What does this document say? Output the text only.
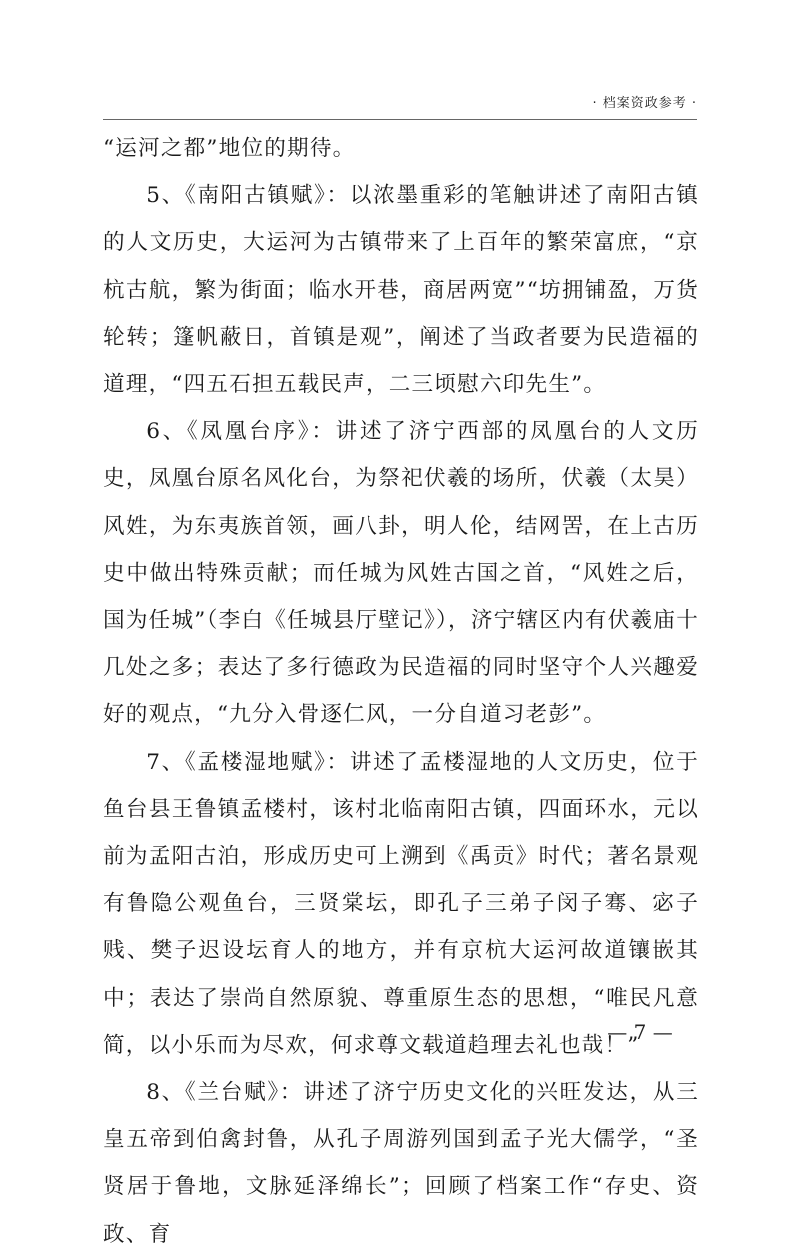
· 档案资政参考 ·

“运河之都”地位的期待。

5、《南阳古镇赋》：以浓墨重彩的笔触讲述了南阳古镇的人文历史，大运河为古镇带来了上百年的繁荣富庶，“京杭古航，繁为街面；临水开巷，商居两宽”“坊拥铺盈，万货轮转；篷帆蔽日，首镇是观”，阐述了当政者要为民造福的道理，“四五石担五载民声，二三顷慰六印先生”。

6、《凤凰台序》：讲述了济宁西部的凤凰台的人文历史，凤凰台原名风化台，为祭祀伏羲的场所，伏羲（太昊）风姓，为东夷族首领，画八卦，明人伦，结网罟，在上古历史中做出特殊贡献；而任城为风姓古国之首，“风姓之后，国为任城”（李白《任城县厅壁记》），济宁辖区内有伏羲庙十几处之多；表达了多行德政为民造福的同时坚守个人兴趣爱好的观点，“九分入骨逐仁风，一分自道习老彭”。

7、《孟楼湿地赋》：讲述了孟楼湿地的人文历史，位于鱼台县王鲁镇孟楼村，该村北临南阳古镇，四面环水，元以前为孟阳古泊，形成历史可上溯到《禹贡》时代；著名景观有鲁隐公观鱼台，三贤棠坛，即孔子三弟子闵子骞、宓子贱、樊子迟设坛育人的地方，并有京杭大运河故道镶嵌其中；表达了崇尚自然原貌、尊重原生态的思想，“唯民凡意简，以小乐而为尽欢，何求尊文载道趋理去礼也哉！”

8、《兰台赋》：讲述了济宁历史文化的兴旺发达，从三皇五帝到伯禽封鲁，从孔子周游列国到孟子光大儒学，“圣贤居于鲁地，文脉延泽绵长”；回顾了档案工作“存史、资政、育

— 7 —
